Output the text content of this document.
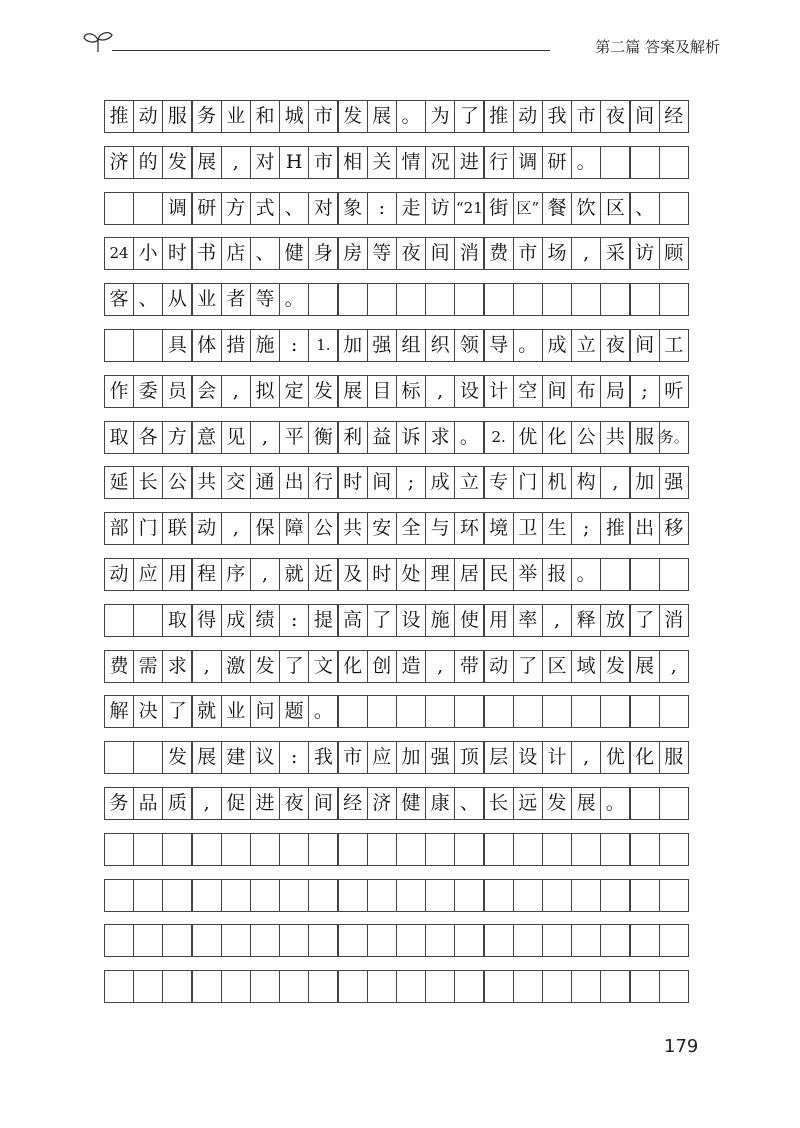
第二篇 答案及解析
推 动 服 务 业 和 城 市 发 展 。 为 了 推 动 我 市 夜 间 经
济 的 发 展 , 对 H 市 相 关 情 况 进 行 调 研 。
调 研 方 式 、 对 象 : 走 访 “21 街 区” 餐 饮 区 、
24 小 时 书 店 、 健 身 房 等 夜 间 消 费 市 场 , 采 访 顾
客 、 从 业 者 等 。
具 体 措 施 : 1. 加 强 组 织 领 导 。 成 立 夜 间 工
作 委 员 会 , 拟 定 发 展 目 标 , 设 计 空 间 布 局 ; 听
取 各 方 意 见 , 平 衡 利 益 诉 求 。 2. 优 化 公 共 服 务。
延 长 公 共 交 通 出 行 时 间 ; 成 立 专 门 机 构 , 加 强
部 门 联 动 , 保 障 公 共 安 全 与 环 境 卫 生 ; 推 出 移
动 应 用 程 序 , 就 近 及 时 处 理 居 民 举 报 。
取 得 成 绩 : 提 高 了 设 施 使 用 率 , 释 放 了 消
费 需 求 , 激 发 了 文 化 创 造 , 带 动 了 区 域 发 展 ,
解 决 了 就 业 问 题 。
发 展 建 议 : 我 市 应 加 强 顶 层 设 计 , 优 化 服
务 品 质 , 促 进 夜 间 经 济 健 康 、 长 远 发 展 。
179
